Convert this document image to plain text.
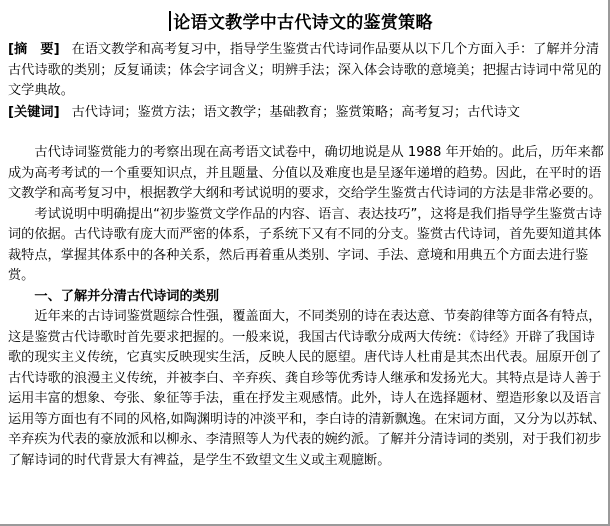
论语文教学中古代诗文的鉴赏策略
[摘　要] 在语文教学和高考复习中，指导学生鉴赏古代诗词作品要从以下几个方面入手：了解并分清古代诗歌的类别；反复诵读；体会字词含义；明辨手法；深入体会诗歌的意境美；把握古诗词中常见的文学典故。
[关键词] 古代诗词；鉴赏方法；语文教学；基础教育；鉴赏策略；高考复习；古代诗文

古代诗词鉴赏能力的考察出现在高考语文试卷中，确切地说是从 1988 年开始的。此后，历年来都成为高考考试的一个重要知识点，并且题量、分值以及难度也是呈逐年递增的趋势。因此，在平时的语文教学和高考复习中，根据教学大纲和考试说明的要求，交给学生鉴赏古代诗词的方法是非常必要的。

考试说明中明确提出“初步鉴赏文学作品的内容、语言、表达技巧”，这将是我们指导学生鉴赏古诗词的依据。古代诗歌有庞大而严密的体系，子系统下又有不同的分支。鉴赏古代诗词，首先要知道其体裁特点，掌握其体系中的各种关系，然后再着重从类别、字词、手法、意境和用典五个方面去进行鉴赏。

一、了解并分清古代诗词的类别

近年来的古诗词鉴赏题综合性强，覆盖面大，不同类别的诗在表达意、节奏韵律等方面各有特点，这是鉴赏古代诗歌时首先要求把握的。一般来说，我国古代诗歌分成两大传统：《诗经》开辟了我国诗歌的现实主义传统，它真实反映现实生活，反映人民的愿望。唐代诗人杜甫是其杰出代表。屈原开创了古代诗歌的浪漫主义传统，并被李白、辛弃疾、龚自珍等优秀诗人继承和发扬光大。其特点是诗人善于运用丰富的想象、夸张、象征等手法，重在抒发主观感情。此外，诗人在选择题材、塑造形象以及语言运用等方面也有不同的风格,如陶渊明诗的冲淡平和，李白诗的清新飘逸。在宋词方面，又分为以苏轼、辛弃疾为代表的豪放派和以柳永、李清照等人为代表的婉约派。了解并分清诗词的类别，对于我们初步了解诗词的时代背景大有裨益，是学生不致望文生义或主观臆断。
